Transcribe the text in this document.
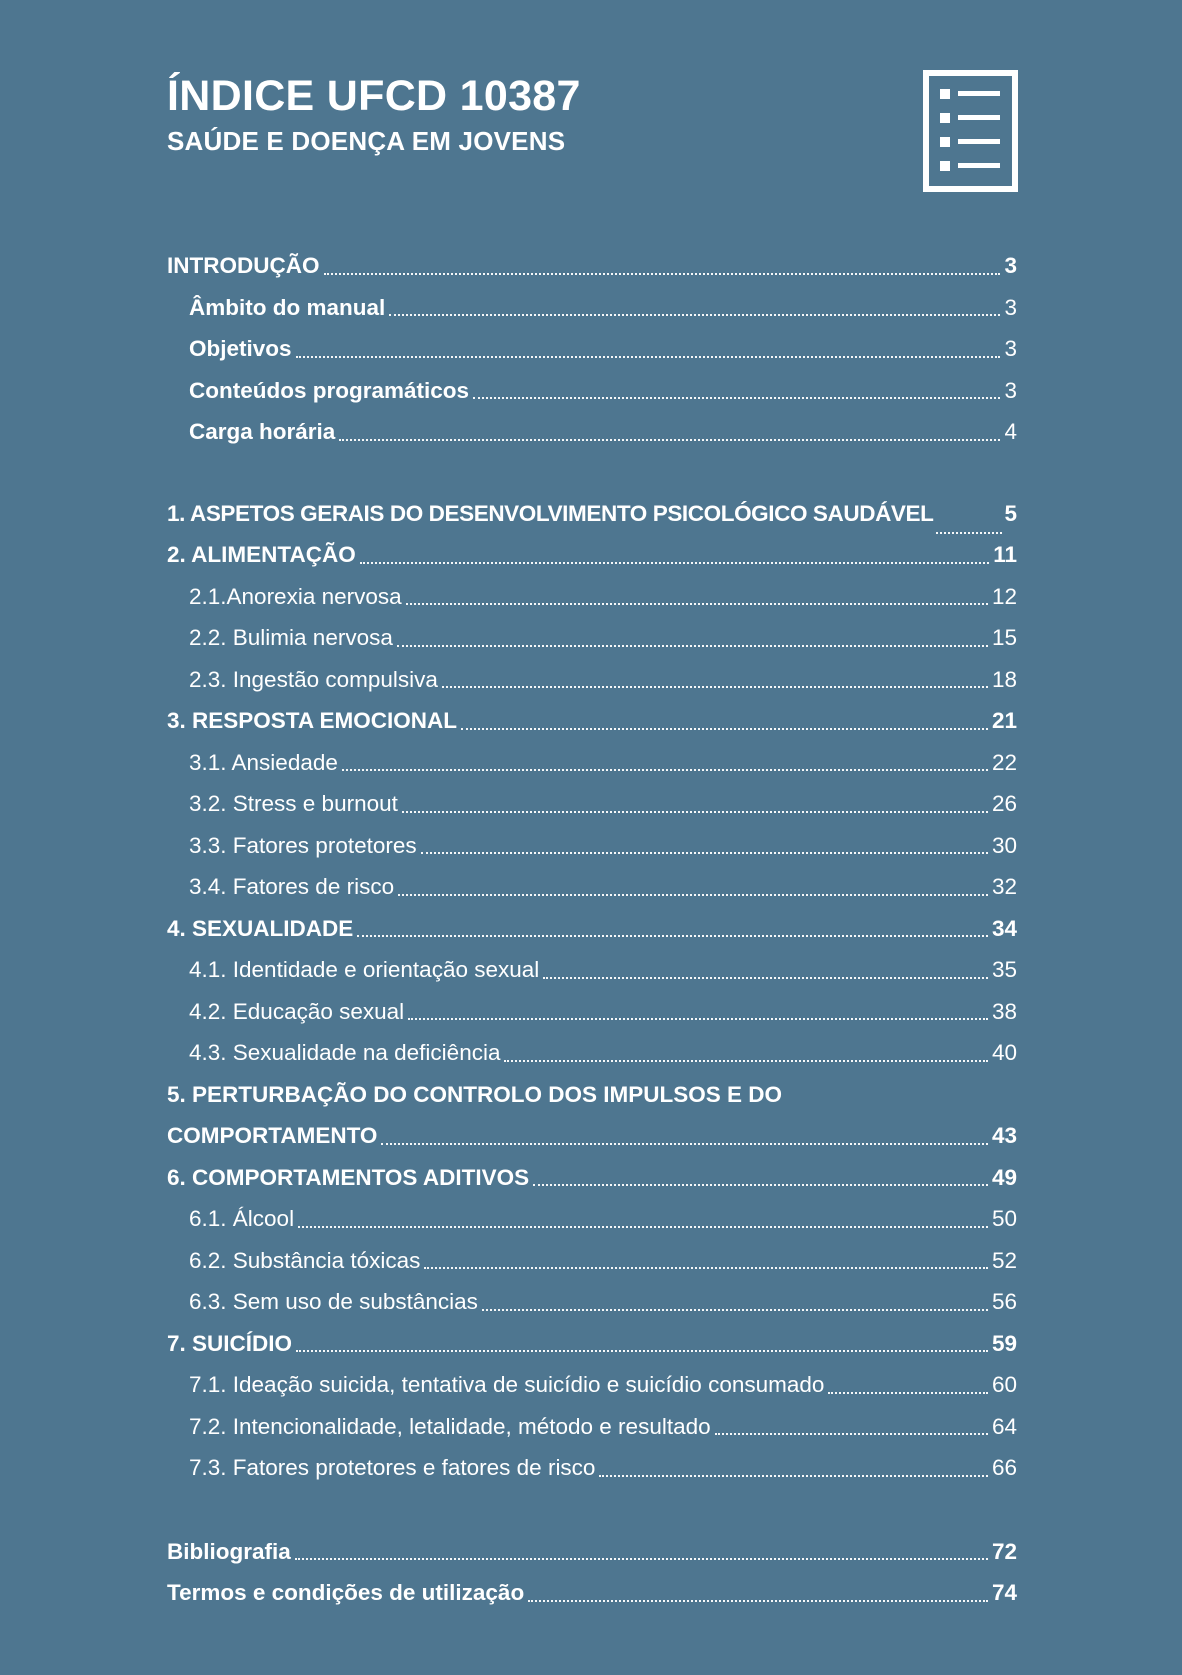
ÍNDICE UFCD 10387
SAÚDE E DOENÇA EM JOVENS
INTRODUÇÃO	3
Âmbito do manual	3
Objetivos	3
Conteúdos programáticos	3
Carga horária	4
1. ASPETOS GERAIS DO DESENVOLVIMENTO PSICOLÓGICO SAUDÁVEL	5
2. ALIMENTAÇÃO	11
2.1.Anorexia nervosa	12
2.2. Bulimia nervosa	15
2.3. Ingestão compulsiva	18
3. RESPOSTA EMOCIONAL	21
3.1. Ansiedade	22
3.2. Stress e burnout	26
3.3. Fatores protetores	30
3.4. Fatores de risco	32
4. SEXUALIDADE	34
4.1. Identidade e orientação sexual	35
4.2. Educação sexual	38
4.3. Sexualidade na deficiência	40
5. PERTURBAÇÃO DO CONTROLO DOS IMPULSOS E DO
COMPORTAMENTO	43
6. COMPORTAMENTOS ADITIVOS	49
6.1. Álcool	50
6.2. Substância tóxicas	52
6.3. Sem uso de substâncias	56
7. SUICÍDIO	59
7.1. Ideação suicida, tentativa de suicídio e suicídio consumado	60
7.2. Intencionalidade, letalidade, método e resultado	64
7.3. Fatores protetores e fatores de risco	66
Bibliografia	72
Termos e condições de utilização	74
